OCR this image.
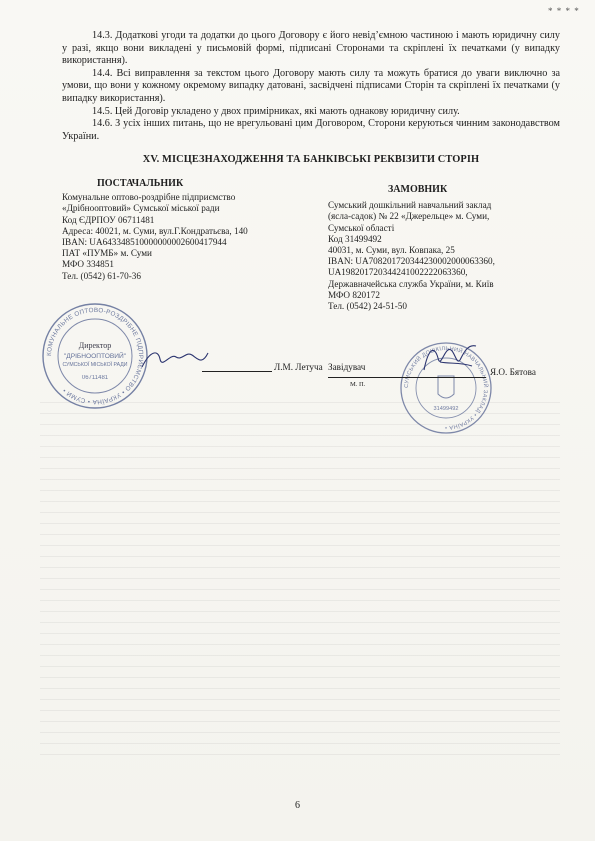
* * * *

14.3. Додаткові угоди та додатки до цього Договору є його невід’ємною частиною і мають юридичну силу у разі, якщо вони викладені у письмовій формі, підписані Сторонами та скріплені їх печатками (у випадку використання).

14.4. Всі виправлення за текстом цього Договору мають силу та можуть братися до уваги виключно за умови, що вони у кожному окремому випадку датовані, засвідчені підписами Сторін та скріплені їх печатками (у випадку використання).

14.5. Цей Договір укладено у двох примірниках, які мають однакову юридичну силу.

14.6. З усіх інших питань, що не врегульовані цим Договором, Сторони керуються чинним законодавством України.

XV. МІСЦЕЗНАХОДЖЕННЯ ТА БАНКІВСЬКІ РЕКВІЗИТИ СТОРІН
ПОСТАЧАЛЬНИК
Комунальне оптово-роздрібне підприємство
«Дрібнооптовий» Сумської міської ради
Код ЄДРПОУ 06711481
Адреса: 40021, м. Суми, вул.Г.Кондратьєва, 140
IBAN: UA643348510000000002600417944
ПАТ «ПУМБ» м. Суми
МФО 334851
Тел. (0542) 61-70-36
ЗАМОВНИК
Сумський дошкільний навчальний заклад
(ясла-садок) № 22 «Джерельце» м. Суми,
Сумської області
Код 31499492
40031, м. Суми, вул. Ковпака, 25
IBAN: UA708201720344230002000063360,
UA198201720344241002222063360,
Державначейська служба України, м. Київ
МФО 820172
Тел. (0542) 24-51-50
КОМУНАЛЬНЕ ОПТОВО-РОЗДРІБНЕ ПІДПРИЄМСТВО • УКРАЇНА • СУМИ •
Директор
"ДРІБНООПТОВИЙ"
СУМСЬКОЇ МІСЬКОЇ РАДИ
06711481
Л.М. Летуча
СУМСЬКИЙ ДОШКІЛЬНИЙ НАВЧАЛЬНИЙ ЗАКЛАД • УКРАЇНА •
31499492
Завідувач
М. П.
Я.О. Бятова
6
